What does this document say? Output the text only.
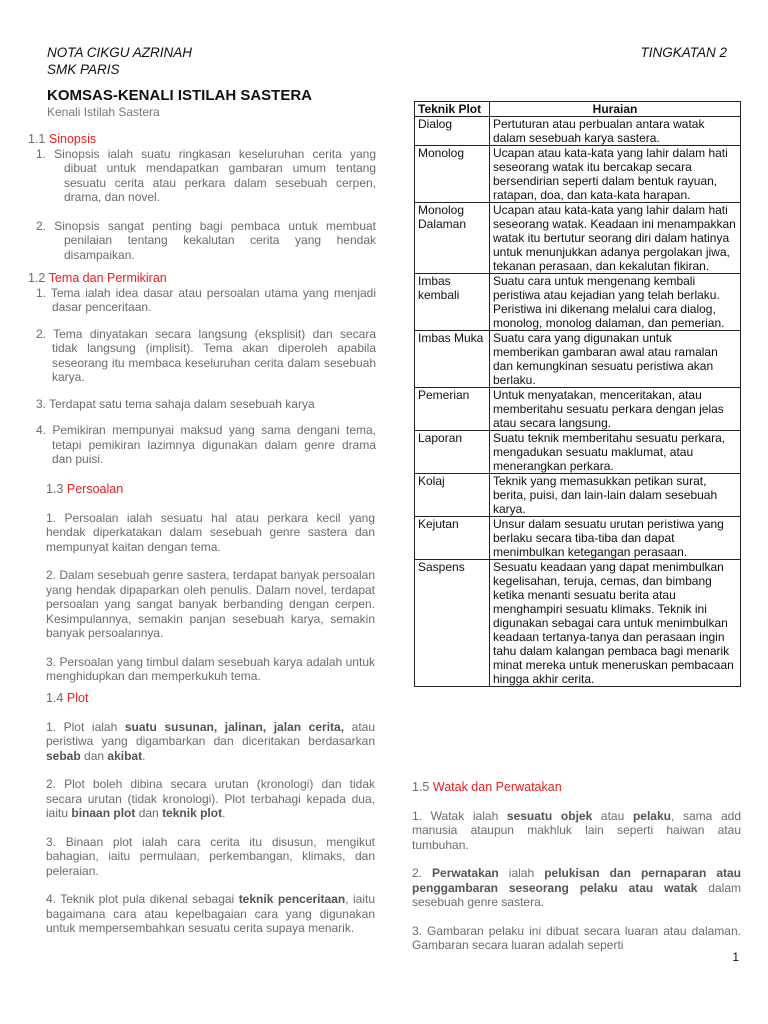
NOTA CIKGU AZRINAH
SMK PARIS
TINGKATAN 2
KOMSAS-KENALI ISTILAH SASTERA
Kenali Istilah Sastera
1.1 Sinopsis
1. Sinopsis ialah suatu ringkasan keseluruhan cerita yang dibuat untuk mendapatkan gambaran umum tentang sesuatu cerita atau perkara dalam sesebuah cerpen, drama, dan novel.
2. Sinopsis sangat penting bagi pembaca untuk membuat penilaian tentang kekalutan cerita yang hendak disampaikan.
1.2 Tema dan Permikiran
1. Tema ialah idea dasar atau persoalan utama yang menjadi dasar penceritaan.
2. Tema dinyatakan secara langsung (eksplisit) dan secara tidak langsung (implisit). Tema akan diperoleh apabila seseorang itu membaca keseluruhan cerita dalam sesebuah karya.
3. Terdapat satu tema sahaja dalam sesebuah karya
4. Pemikiran mempunyai maksud yang sama dengani tema, tetapi pemikiran lazimnya digunakan dalam genre drama dan puisi.
1.3 Persoalan
1. Persoalan ialah sesuatu hal atau perkara kecil yang hendak diperkatakan dalam sesebuah genre sastera dan mempunyat kaitan dengan tema.
2. Dalam sesebuah genre sastera, terdapat banyak persoalan yang hendak dipaparkan oleh penulis. Dalam novel, terdapat persoalan yang sangat banyak berbanding dengan cerpen. Kesimpulannya, semakin panjan sesebuah karya, semakin banyak persoalannya.
3. Persoalan yang timbul dalam sesebuah karya adalah untuk menghidupkan dan memperkukuh tema.
1.4 Plot
1. Plot ialah suatu susunan, jalinan, jalan cerita, atau peristiwa yang digambarkan dan diceritakan berdasarkan sebab dan akibat.
2. Plot boleh dibina secara urutan (kronologi) dan tidak secara urutan (tidak kronologi). Plot terbahagi kepada dua, iaitu binaan plot dan teknik plot.
3. Binaan plot ialah cara cerita itu disusun, mengikut bahagian, iaitu permulaan, perkembangan, klimaks, dan peleraian.
4. Teknik plot pula dikenal sebagai teknik penceritaan, iaitu bagaimana cara atau kepelbagaian cara yang digunakan untuk mempersembahkan sesuatu cerita supaya menarik.
Teknik Plot	Huraian
Dialog	Pertuturan atau perbualan antara watak dalam sesebuah karya sastera.
Monolog	Ucapan atau kata-kata yang lahir dalam hati seseorang watak itu bercakap secara bersendirian seperti dalam bentuk rayuan, ratapan, doa, dan kata-kata harapan.
Monolog Dalaman	Ucapan atau kata-kata yang lahir dalam hati seseorang watak. Keadaan ini menampakkan watak itu bertutur seorang diri dalam hatinya untuk menunjukkan adanya pergolakan jiwa, tekanan perasaan, dan kekalutan fikiran.
Imbas kembali	Suatu cara untuk mengenang kembali peristiwa atau kejadian yang telah berlaku. Peristiwa ini dikenang melalui cara dialog, monolog, monolog dalaman, dan pemerian.
Imbas Muka	Suatu cara yang digunakan untuk memberikan gambaran awal atau ramalan dan kemungkinan sesuatu peristiwa akan berlaku.
Pemerian	Untuk menyatakan, menceritakan, atau memberitahu sesuatu perkara dengan jelas atau secara langsung.
Laporan	Suatu teknik memberitahu sesuatu perkara, mengadukan sesuatu maklumat, atau menerangkan perkara.
Kolaj	Teknik yang memasukkan petikan surat, berita, puisi, dan lain-lain dalam sesebuah karya.
Kejutan	Unsur dalam sesuatu urutan peristiwa yang berlaku secara tiba-tiba dan dapat menimbulkan ketegangan perasaan.
Saspens	Sesuatu keadaan yang dapat menimbulkan kegelisahan, teruja, cemas, dan bimbang ketika menanti sesuatu berita atau menghampiri sesuatu klimaks. Teknik ini digunakan sebagai cara untuk menimbulkan keadaan tertanya-tanya dan perasaan ingin tahu dalam kalangan pembaca bagi menarik minat mereka untuk meneruskan pembacaan hingga akhir cerita.
1.5 Watak dan Perwatakan
1. Watak ialah sesuatu objek atau pelaku, sama add manusia ataupun makhluk lain seperti haiwan atau tumbuhan.
2. Perwatakan ialah pelukisan dan pernaparan atau penggambaran seseorang pelaku atau watak dalam sesebuah genre sastera.
3. Gambaran pelaku ini dibuat secara luaran atau dalaman. Gambaran secara luaran adalah seperti
1
